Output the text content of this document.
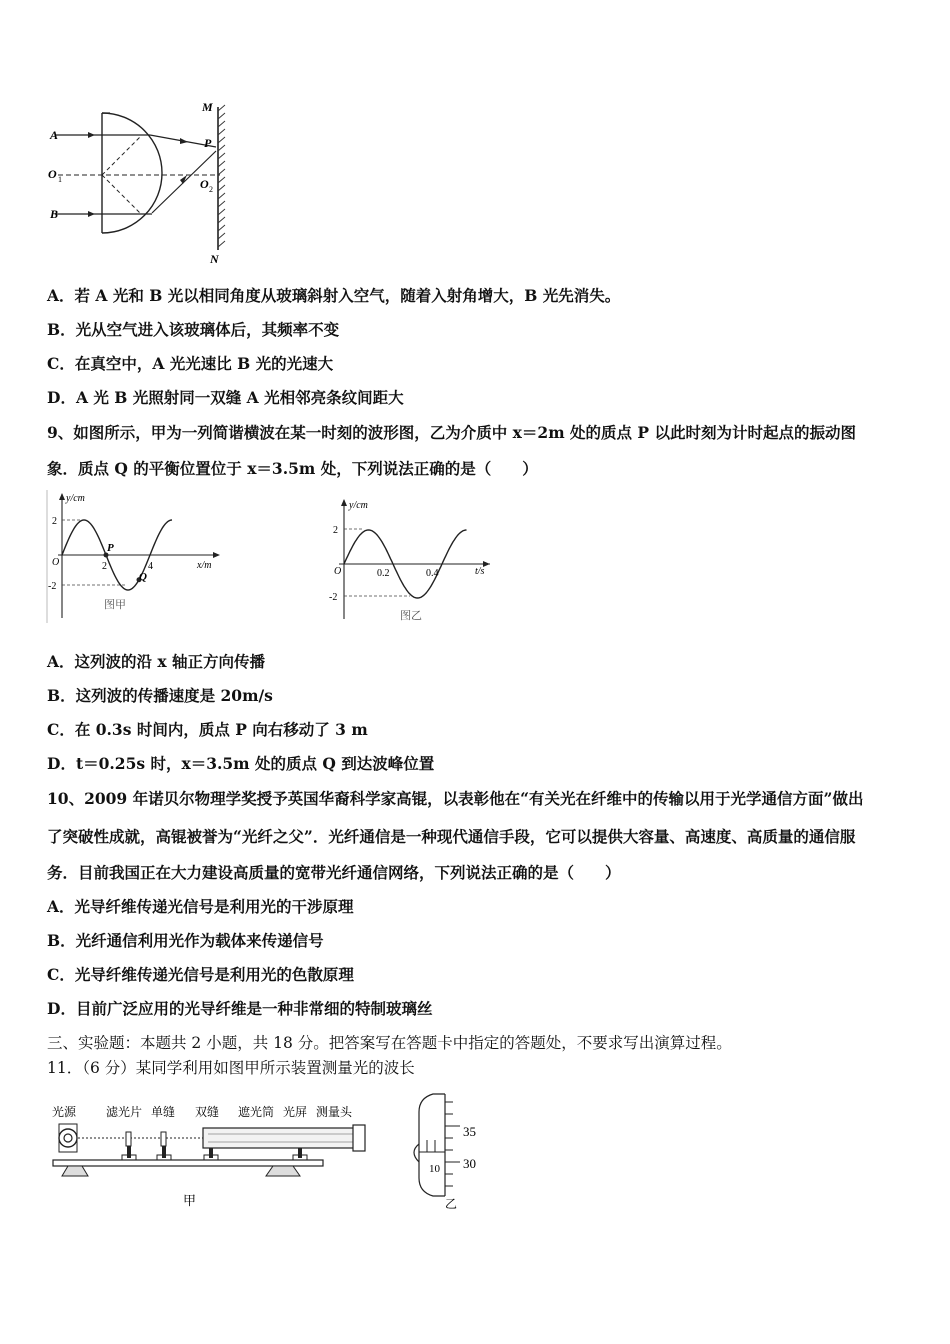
A
B
O 1	O 2
P
M
N
A．若 A 光和 B 光以相同角度从玻璃斜射入空气，随着入射角增大，B 光先消失。
B．光从空气进入该玻璃体后，其频率不变
C．在真空中，A 光光速比 B 光的光速大
D．A 光 B 光照射同一双缝 A 光相邻亮条纹间距大
9、如图所示，甲为一列简谐横波在某一时刻的波形图，乙为介质中 x＝2m 处的质点 P 以此时刻为计时起点的振动图
象．质点 Q 的平衡位置位于 x＝3.5m 处，下列说法正确的是（　　）
y/cm
x/m
2
-2
O	2	4
P
Q
图甲
y/cm
t/s
2
-2
O	0.2	0.4
图乙
A．这列波的沿 x 轴正方向传播
B．这列波的传播速度是 20m/s
C．在 0.3s 时间内，质点 P 向右移动了 3 m
D．t＝0.25s 时，x＝3.5m 处的质点 Q 到达波峰位置
10、2009 年诺贝尔物理学奖授予英国华裔科学家高锟，以表彰他在“有关光在纤维中的传输以用于光学通信方面”做出
了突破性成就，高锟被誉为“光纤之父”．光纤通信是一种现代通信手段，它可以提供大容量、高速度、高质量的通信服
务．目前我国正在大力建设高质量的宽带光纤通信网络，下列说法正确的是（　　）
A．光导纤维传递光信号是利用光的干涉原理
B．光纤通信利用光作为载体来传递信号
C．光导纤维传递光信号是利用光的色散原理
D．目前广泛应用的光导纤维是一种非常细的特制玻璃丝
三、实验题：本题共 2 小题，共 18 分。把答案写在答题卡中指定的答题处，不要求写出演算过程。
11．（6 分）某同学利用如图甲所示装置测量光的波长
光源 滤光片 单缝 双缝 遮光筒 光屏 测量头
甲
35
30
10
乙
